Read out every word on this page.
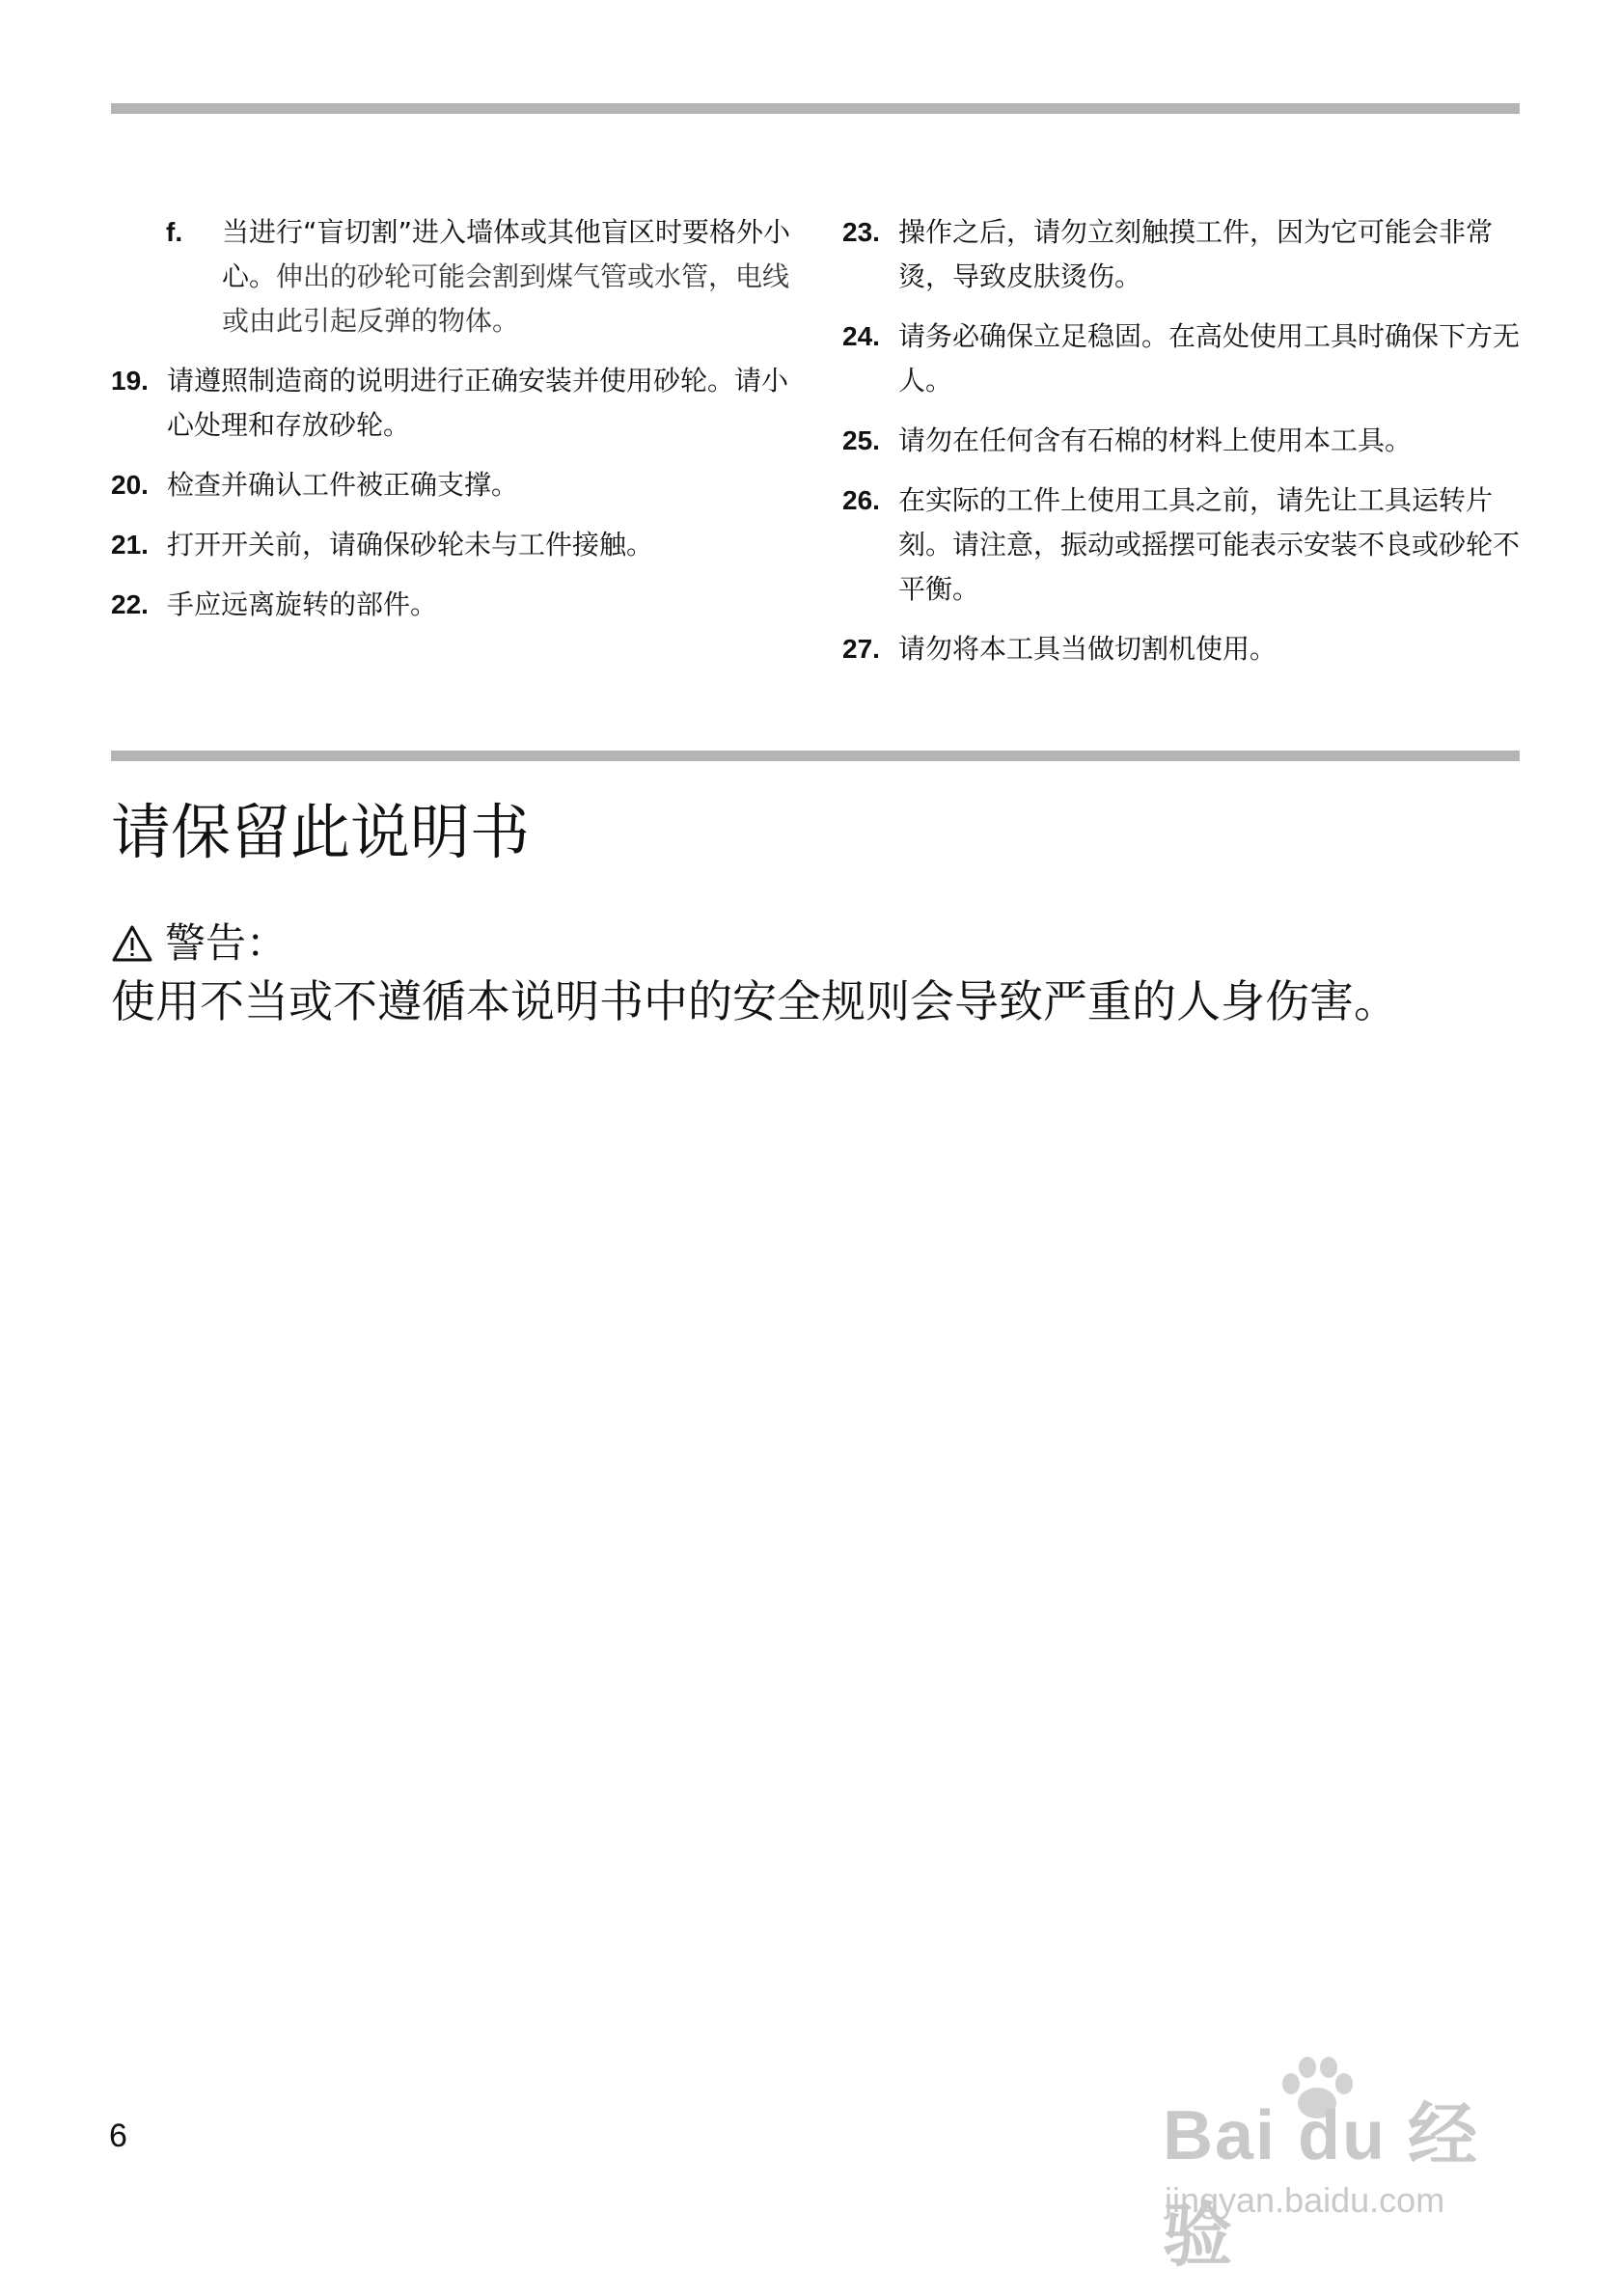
f.	当进行“盲切割”进入墙体或其他盲区时要格外小心。伸出的砂轮可能会割到煤气管或水管，电线或由此引起反弹的物体。
19. 请遵照制造商的说明进行正确安装并使用砂轮。请小心处理和存放砂轮。
20. 检查并确认工件被正确支撑。
21. 打开开关前，请确保砂轮未与工件接触。
22. 手应远离旋转的部件。
23. 操作之后，请勿立刻触摸工件，因为它可能会非常烫，导致皮肤烫伤。
24. 请务必确保立足稳固。在高处使用工具时确保下方无人。
25. 请勿在任何含有石棉的材料上使用本工具。
26. 在实际的工件上使用工具之前，请先让工具运转片刻。请注意，振动或摇摆可能表示安装不良或砂轮不平衡。
27. 请勿将本工具当做切割机使用。
请保留此说明书
警告：
使用不当或不遵循本说明书中的安全规则会导致严重的人身伤害。
6	Bai du 经验
jingyan.baidu.com
